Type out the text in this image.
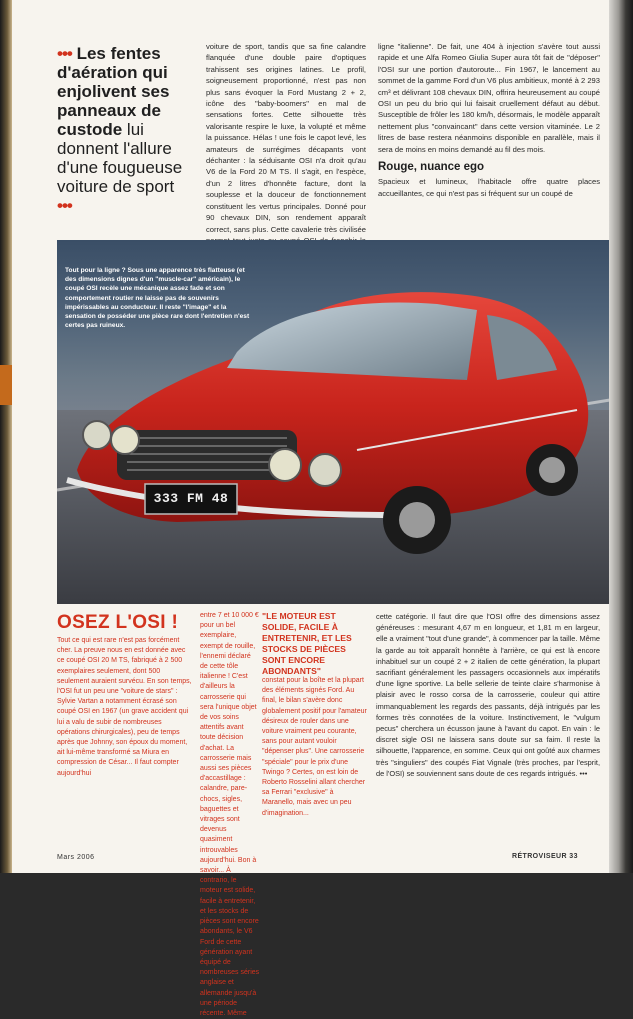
••• Les fentes d'aération qui enjolivent ses panneaux de custode lui donnent l'allure d'une fougueuse voiture de sport •••

voiture de sport, tandis que sa fine calandre flanquée d'une double paire d'optiques trahissent ses origines latines. Le profil, soigneusement proportionné, n'est pas non plus sans évoquer la Ford Mustang 2 + 2, icône des "baby-boomers" en mal de sensations fortes. Cette silhouette très valorisante respire le luxe, la volupté et même la puissance. Hélas ! une fois le capot levé, les amateurs de surrégimes décapants vont déchanter : la séduisante OSI n'a droit qu'au V6 de la Ford 20 M TS. Il s'agit, en l'espèce, d'un 2 litres d'honnête facture, dont la souplesse et la douceur de fonctionnement constituent les vertus principales. Donné pour 90 chevaux DIN, son rendement apparaît correct, sans plus. Cette cavalerie très civilisée

ligne "italienne". De fait, une 404 à injection s'avère tout aussi rapide et une Alfa Romeo Giulia Super aura tôt fait de "déposer" l'OSI sur une portion d'autoroute... Fin 1967, le lancement au sommet de la gamme Ford d'un V6 plus ambitieux, monté à 2 293 cm³ et délivrant 108 chevaux DIN, offrira heureusement au coupé OSI un peu du brio qui lui faisait cruellement défaut au début. Susceptible de frôler les 180 km/h, désormais, le modèle apparaît nettement plus "convaincant" dans cette version vitaminée. Le 2 litres de base restera néanmoins disponible en parallèle, mais il sera de moins en moins demandé au fil des mois.

Rouge, nuance ego

Spacieux et lumineux, l'habitacle offre quatre places accueillantes, ce qui n'est pas si fréquent sur un coupé de

Tout pour la ligne ? Sous une apparence très flatteuse (et des dimensions dignes d'un "muscle-car" américain), le coupé OSI recèle une mécanique assez fade et son comportement routier ne laisse pas de souvenirs impérissables au conducteur. Il reste "l'image" et la sensation de posséder une pièce rare dont l'entretien n'est certes pas ruineux.
333 FM 48
OSEZ L'OSI !

Tout ce qui est rare n'est pas forcément cher. La preuve nous en est donnée avec ce coupé OSI 20 M TS, fabriqué à 2 500 exemplaires seulement, dont 500 seulement auraient survécu. En son temps, l'OSI fut un peu une "voiture de stars" : Sylvie Vartan a notamment écrasé son coupé OSI en 1967 (un grave accident qui lui a valu de subir de nombreuses opérations chirurgicales), peu de temps après que Johnny, son époux du moment, ait lui-même transformé sa Miura en compression de César... Il faut compter aujourd'hui

entre 7 et 10 000 € pour un bel exemplaire, exempt de rouille, l'ennemi déclaré de cette tôle italienne ! C'est d'ailleurs la carrosserie qui sera l'unique objet de vos soins attentifs avant toute décision d'achat. La carrosserie mais aussi ses pièces d'accastillage : calandre, pare-chocs, sigles, baguettes et vitrages sont devenus quasiment introuvables aujourd'hui. Bon à savoir... À contrario, le moteur est solide, facile à entretenir, et les stocks de pièces sont encore abondants, le V6 Ford de cette génération ayant équipé de nombreuses séries anglaise et allemande jusqu'à une période récente. Même

"LE MOTEUR EST SOLIDE, FACILE À ENTRETENIR, ET LES STOCKS DE PIÈCES SONT ENCORE ABONDANTS"

constat pour la boîte et la plupart des éléments signés Ford. Au final, le bilan s'avère donc globalement positif pour l'amateur désireux de rouler dans une voiture vraiment peu courante, sans pour autant vouloir "dépenser plus". Une carrosserie "spéciale" pour le prix d'une Twingo ? Certes, on est loin de Roberto Rosselini allant chercher sa Ferrari "exclusive" à Maranello, mais avec un peu d'imagination...

cette catégorie. Il faut dire que l'OSI offre des dimensions assez généreuses : mesurant 4,67 m en longueur, et 1,81 m en largeur, elle a vraiment "tout d'une grande", à commencer par la taille. Même la garde au toit apparaît honnête à l'arrière, ce qui est là encore inhabituel sur un coupé 2 + 2 italien de cette génération, la plupart sacrifiant généralement les passagers occasionnels aux impératifs d'une ligne sportive. La belle sellerie de teinte claire s'harmonise à plaisir avec le rosso corsa de la carrosserie, couleur qui attire immanquablement les regards des passants, déjà intrigués par les formes très connotées de la voiture. Instinctivement, le "vulgum pecus" cherchera un écusson jaune à l'avant du capot. En vain : le discret sigle OSI ne laissera sans doute sur sa faim. Il reste la silhouette, l'apparence, en somme. Ceux qui ont goûté aux charmes très "singuliers" des coupés Fiat Vignale (très proches, par l'esprit, de l'OSI) se souviennent sans doute de ces regards intrigués. •••

Mars 2006	RÉTROVISEUR 33
